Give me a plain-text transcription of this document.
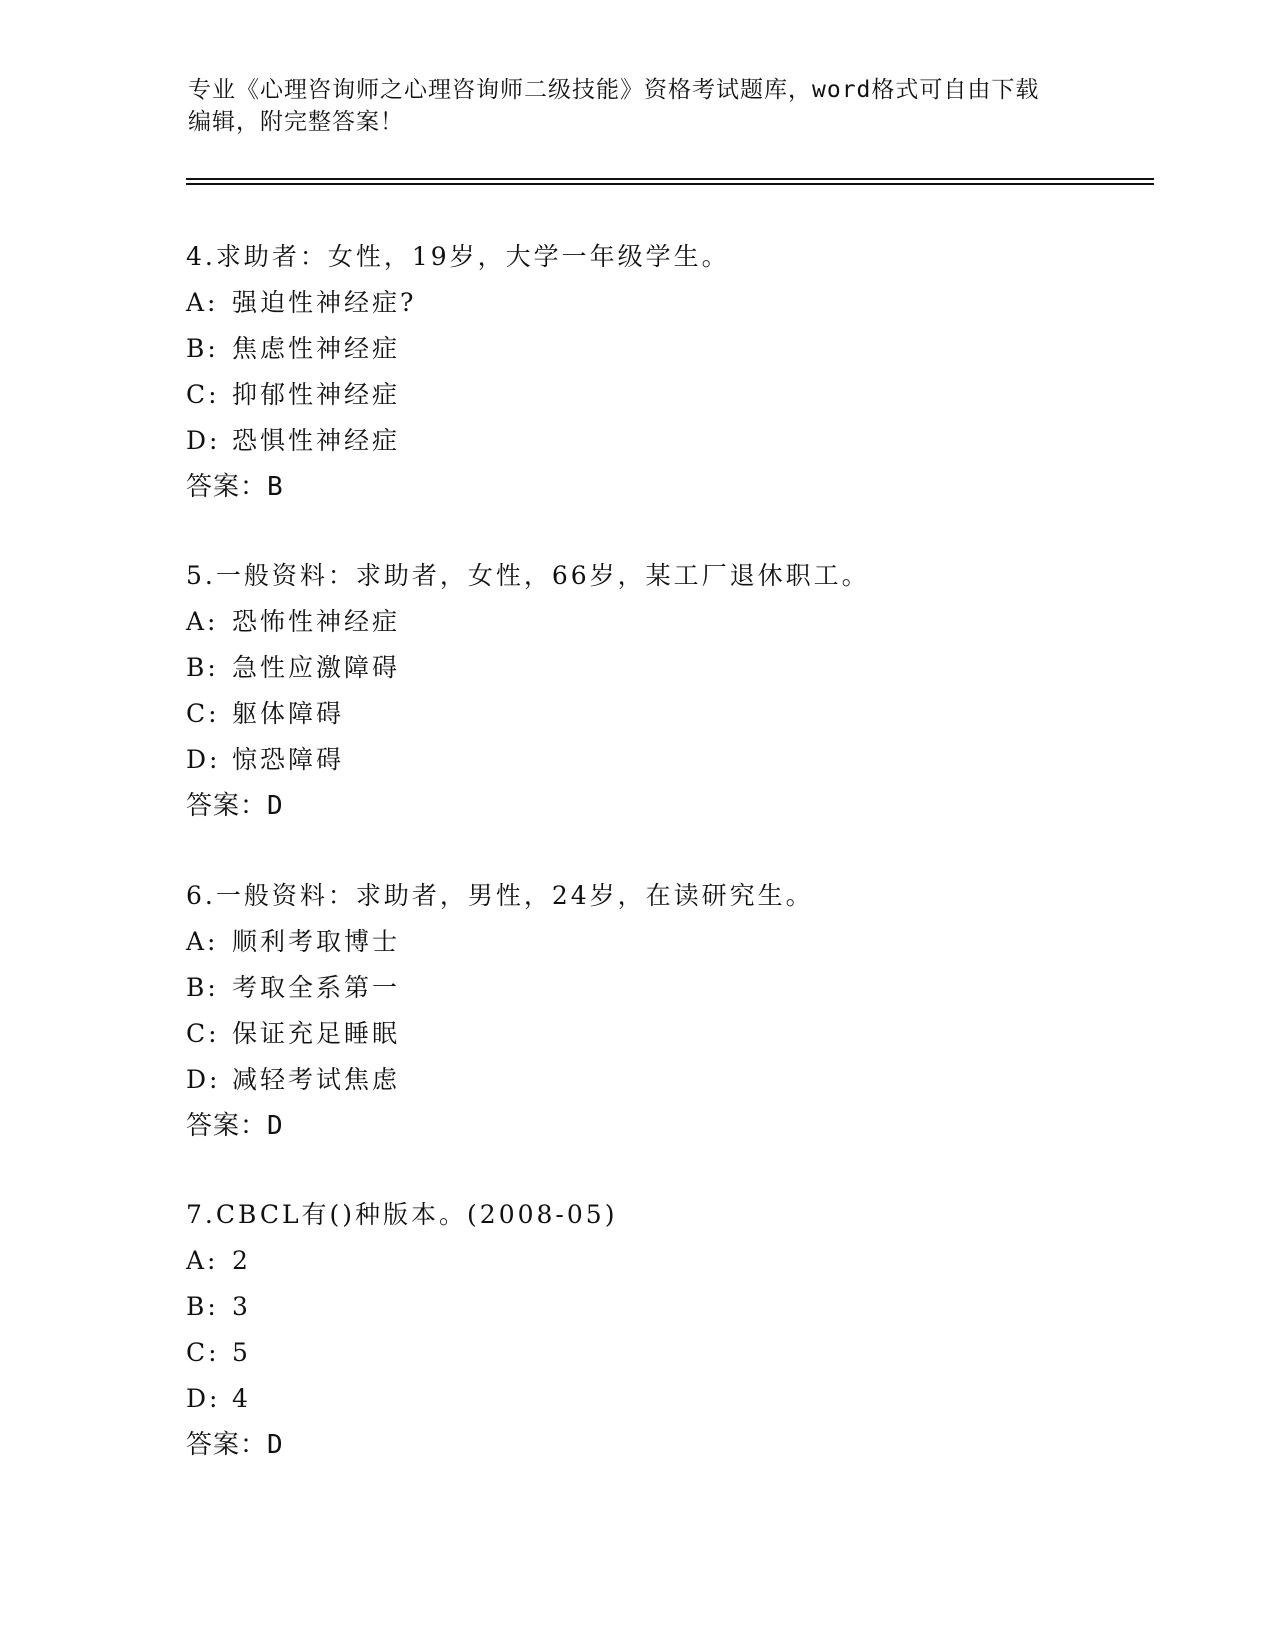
专业《心理咨询师之心理咨询师二级技能》资格考试题库，word格式可自由下载
编辑，附完整答案！
4.求助者：女性，19岁，大学一年级学生。
A: 强迫性神经症?
B: 焦虑性神经症
C: 抑郁性神经症
D: 恐惧性神经症
答案：B
5.一般资料：求助者，女性，66岁，某工厂退休职工。
A: 恐怖性神经症
B: 急性应激障碍
C: 躯体障碍
D: 惊恐障碍
答案：D
6.一般资料：求助者，男性，24岁，在读研究生。
A: 顺利考取博士
B: 考取全系第一
C: 保证充足睡眠
D: 减轻考试焦虑
答案：D
7.CBCL有()种版本。(2008-05)
A: 2
B: 3
C: 5
D: 4
答案：D
